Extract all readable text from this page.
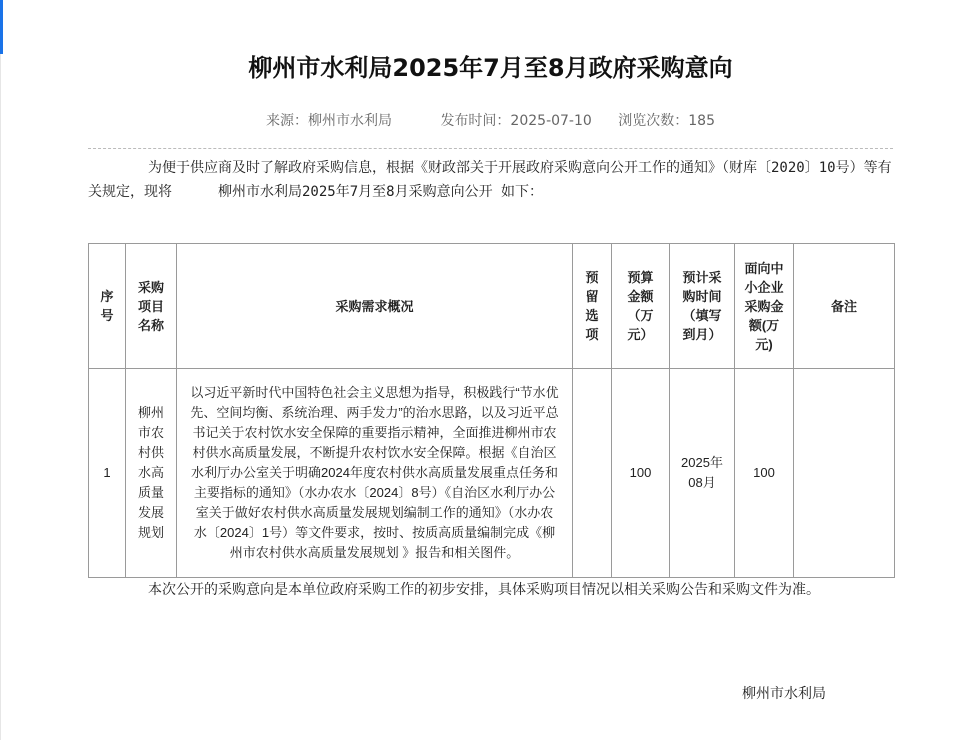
柳州市水利局2025年7月至8月政府采购意向
来源：柳州市水利局	发布时间：2025-07-10 浏览次数：185

为便于供应商及时了解政府采购信息，根据《财政部关于开展政府采购意向公开工作的通知》（财库〔2020〕10号）等有关规定，现将	柳州市水利局2025年7月至8月采购意向公开 如下：

序号	采购项目名称	采购需求概况	预留选项	预算金额（万元）	预计采购时间（填写到月）	面向中小企业采购金额(万元)	备注
1	柳州市农村供水高质量发展规划	以习近平新时代中国特色社会主义思想为指导，积极践行“节水优先、空间均衡、系统治理、两手发力”的治水思路，以及习近平总书记关于农村饮水安全保障的重要指示精神，全面推进柳州市农村供水高质量发展，不断提升农村饮水安全保障。根据《自治区水利厅办公室关于明确2024年度农村供水高质量发展重点任务和主要指标的通知》（水办农水〔2024〕8号）《自治区水利厅办公室关于做好农村供水高质量发展规划编制工作的通知》（水办农水〔2024〕1号）等文件要求，按时、按质高质量编制完成《柳州市农村供水高质量发展规划 》报告和相关图件。		100	2025年08月	100	

本次公开的采购意向是本单位政府采购工作的初步安排，具体采购项目情况以相关采购公告和采购文件为准。

柳州市水利局
